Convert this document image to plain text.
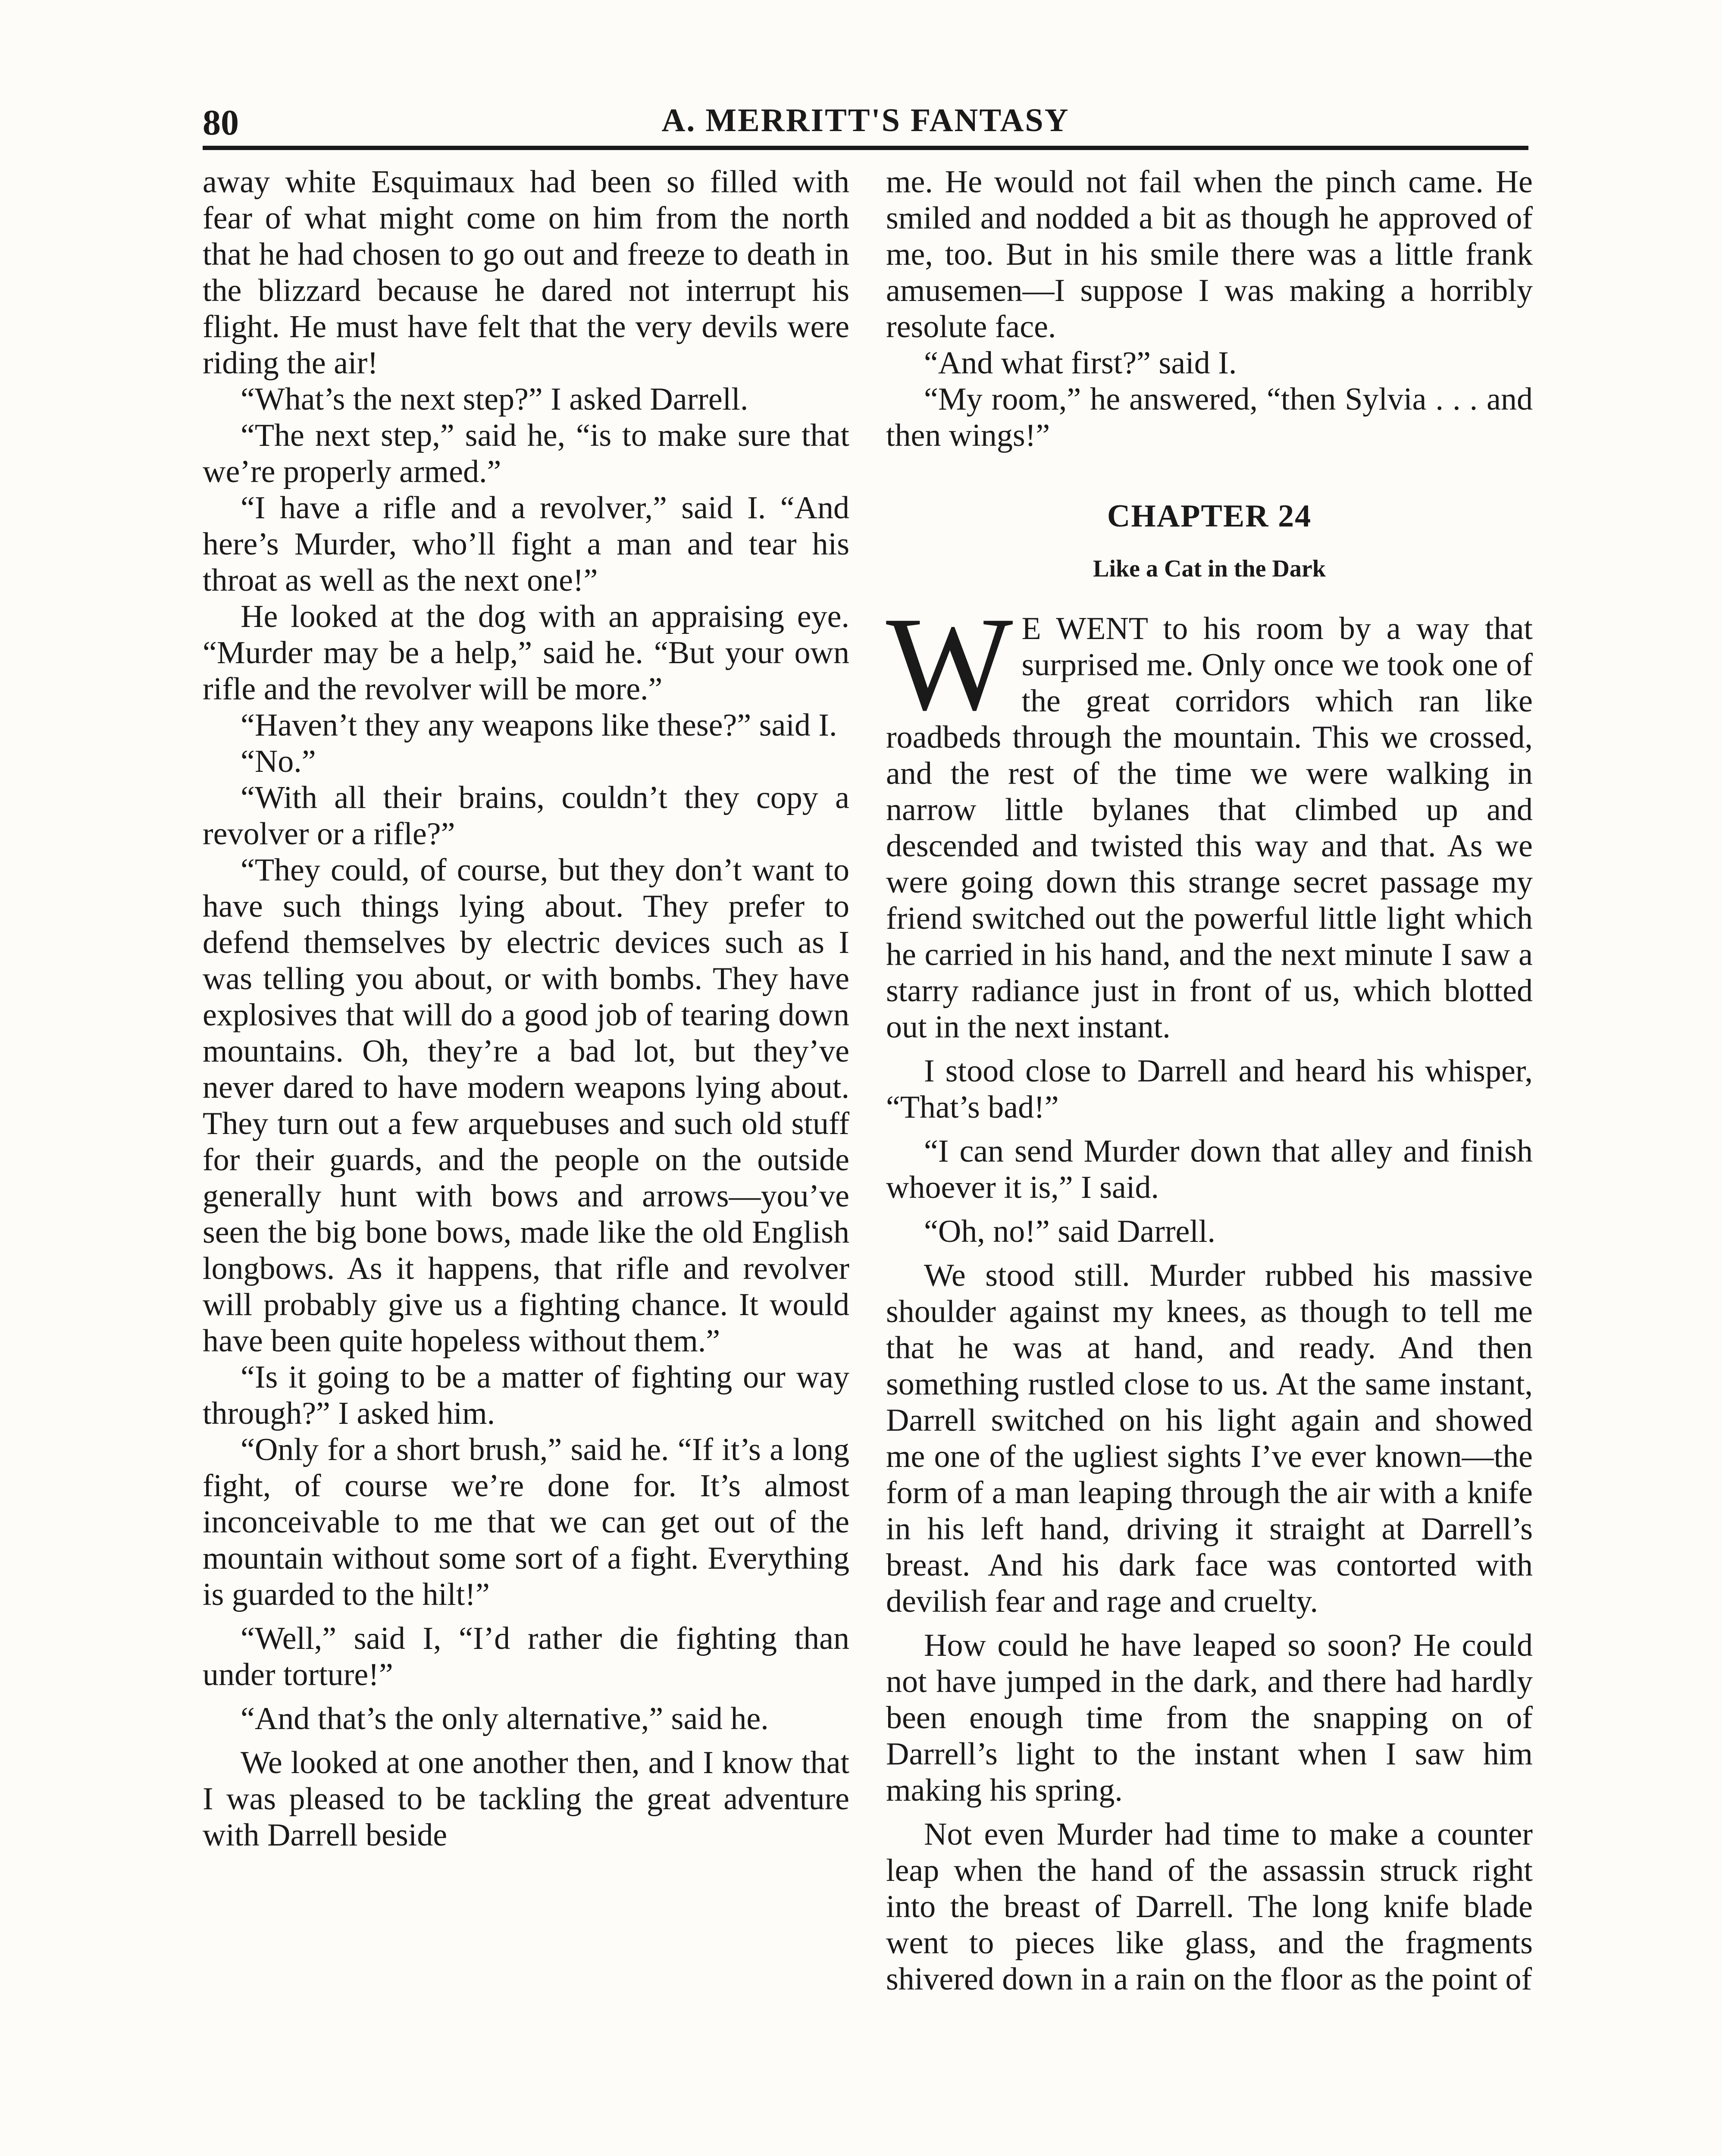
80	A. MERRITT'S FANTASY

away white Esquimaux had been so filled with fear of what might come on him from the north that he had chosen to go out and freeze to death in the blizzard because he dared not interrupt his flight. He must have felt that the very devils were riding the air!

“What’s the next step?” I asked Darrell.

“The next step,” said he, “is to make sure that we’re properly armed.”

“I have a rifle and a revolver,” said I. “And here’s Murder, who’ll fight a man and tear his throat as well as the next one!”

He looked at the dog with an appraising eye. “Murder may be a help,” said he. “But your own rifle and the revolver will be more.”

“Haven’t they any weapons like these?” said I.

“No.”

“With all their brains, couldn’t they copy a revolver or a rifle?”

“They could, of course, but they don’t want to have such things lying about. They prefer to defend themselves by electric devices such as I was telling you about, or with bombs. They have explosives that will do a good job of tearing down mountains. Oh, they’re a bad lot, but they’ve never dared to have modern weapons lying about. They turn out a few arquebuses and such old stuff for their guards, and the people on the outside generally hunt with bows and arrows—you’ve seen the big bone bows, made like the old English longbows. As it happens, that rifle and revolver will probably give us a fighting chance. It would have been quite hopeless without them.”

“Is it going to be a matter of fighting our way through?” I asked him.

“Only for a short brush,” said he. “If it’s a long fight, of course we’re done for. It’s almost inconceivable to me that we can get out of the mountain without some sort of a fight. Everything is guarded to the hilt!”

“Well,” said I, “I’d rather die fighting than under torture!”

“And that’s the only alternative,” said he.

We looked at one another then, and I know that I was pleased to be tackling the great adventure with Darrell beside

me. He would not fail when the pinch came. He smiled and nodded a bit as though he approved of me, too. But in his smile there was a little frank amusemen—I suppose I was making a horribly resolute face.

“And what first?” said I.

“My room,” he answered, “then Sylvia . . . and then wings!”

CHAPTER 24
Like a Cat in the Dark

W E WENT to his room by a way that surprised me. Only once we took one of the great corridors which ran like roadbeds through the mountain. This we crossed, and the rest of the time we were walking in narrow little bylanes that climbed up and descended and twisted this way and that. As we were going down this strange secret passage my friend switched out the powerful little light which he carried in his hand, and the next minute I saw a starry radiance just in front of us, which blotted out in the next instant.

I stood close to Darrell and heard his whisper, “That’s bad!”

“I can send Murder down that alley and finish whoever it is,” I said.

“Oh, no!” said Darrell.

We stood still. Murder rubbed his massive shoulder against my knees, as though to tell me that he was at hand, and ready. And then something rustled close to us. At the same instant, Darrell switched on his light again and showed me one of the ugliest sights I’ve ever known—the form of a man leaping through the air with a knife in his left hand, driving it straight at Darrell’s breast. And his dark face was contorted with devilish fear and rage and cruelty.

How could he have leaped so soon? He could not have jumped in the dark, and there had hardly been enough time from the snapping on of Darrell’s light to the instant when I saw him making his spring.

Not even Murder had time to make a counter leap when the hand of the assassin struck right into the breast of Darrell. The long knife blade went to pieces like glass, and the fragments shivered down in a rain on the floor as the point of
